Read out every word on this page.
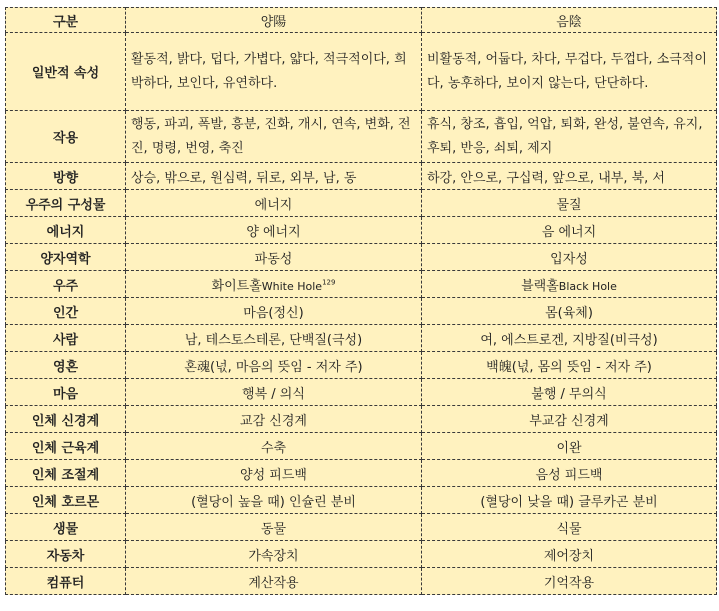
구분	양陽	음陰
일반적 속성	활동적, 밝다, 덥다, 가볍다, 얇다, 적극적이다, 희박하다, 보인다, 유연하다.	비활동적, 어둡다, 차다, 무겁다, 두껍다, 소극적이다, 농후하다, 보이지 않는다, 단단하다.
작용	행동, 파괴, 폭발, 흥분, 진화, 개시, 연속, 변화, 전진, 명령, 번영, 축진	휴식, 창조, 흡입, 억압, 퇴화, 완성, 불연속, 유지, 후퇴, 반응, 쇠퇴, 제지
방향	상승, 밖으로, 원심력, 뒤로, 외부, 남, 동	하강, 안으로, 구십력, 앞으로, 내부, 북, 서
우주의 구성물	에너지	물질
에너지	양 에너지	음 에너지
양자역학	파동성	입자성
우주	화이트홀White Hole$^{129}$	블랙홀Black Hole
인간	마음(정신)	몸(육체)
사람	남, 테스토스테론, 단백질(극성)	여, 에스트로겐, 지방질(비극성)
영혼	혼魂(넋, 마음의 뜻임 - 저자 주)	백魄(넋, 몸의 뜻임 - 저자 주)
마음	행복 / 의식	불행 / 무의식
인체 신경계	교감 신경계	부교감 신경계
인체 근육계	수축	이완
인체 조절계	양성 피드백	음성 피드백
인체 호르몬	(혈당이 높을 때) 인슐린 분비	(혈당이 낮을 때) 글루카곤 분비
생물	동물	식물
자동차	가속장치	제어장치
컴퓨터	계산작용	기억작용
